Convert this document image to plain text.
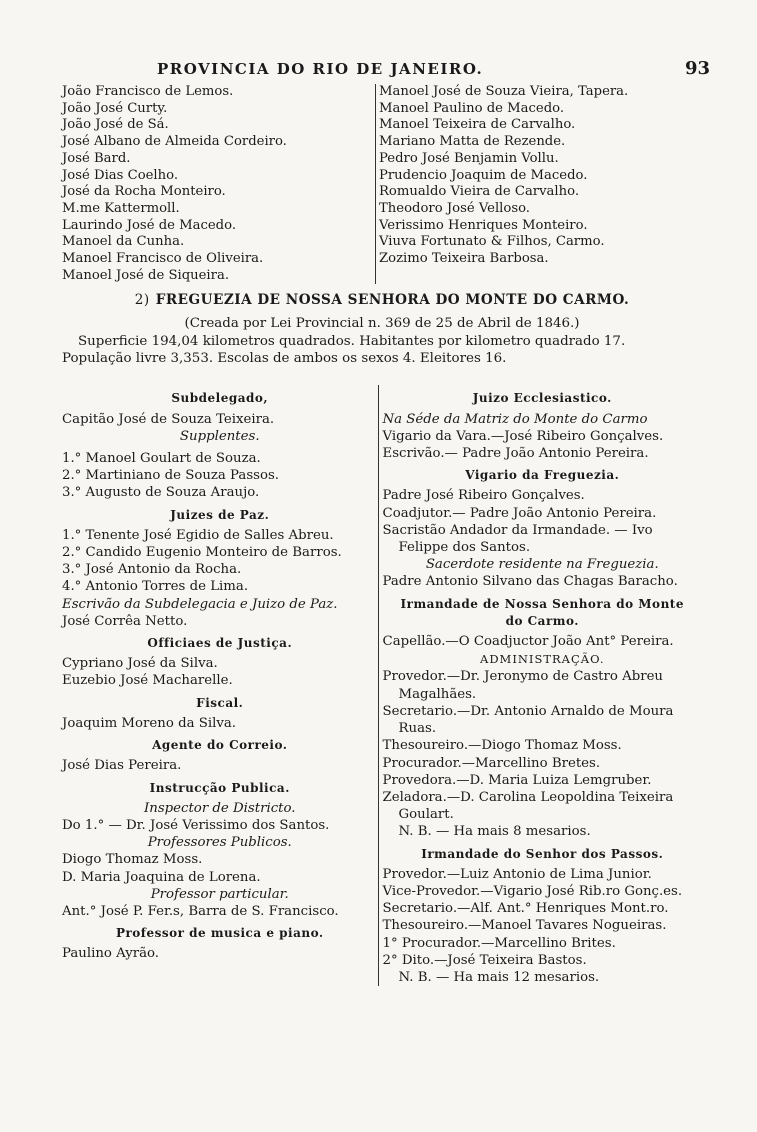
PROVINCIA DO RIO DE JANEIRO.	93
João Francisco de Lemos.
João José Curty.
João José de Sá.
José Albano de Almeida Cordeiro.
José Bard.
José Dias Coelho.
José da Rocha Monteiro.
M.me Kattermoll.
Laurindo José de Macedo.
Manoel da Cunha.
Manoel Francisco de Oliveira.
Manoel José de Siqueira.
Manoel José de Souza Vieira, Tapera.
Manoel Paulino de Macedo.
Manoel Teixeira de Carvalho.
Mariano Matta de Rezende.
Pedro José Benjamin Vollu.
Prudencio Joaquim de Macedo.
Romualdo Vieira de Carvalho.
Theodoro José Velloso.
Verissimo Henriques Monteiro.
Viuva Fortunato & Filhos, Carmo.
Zozimo Teixeira Barbosa.
2) FREGUEZIA DE NOSSA SENHORA DO MONTE DO CARMO.
(Creada por Lei Provincial n. 369 de 25 de Abril de 1846.)
Superficie 194,04 kilometros quadrados. Habitantes por kilometro quadrado 17.
População livre 3,353. Escolas de ambos os sexos 4. Eleitores 16.
Subdelegado,
Capitão José de Souza Teixeira.
Supplentes.
1.° Manoel Goulart de Souza.
2.° Martiniano de Souza Passos.
3.° Augusto de Souza Araujo.
Juizes de Paz.
1.° Tenente José Egidio de Salles Abreu.
2.° Candido Eugenio Monteiro de Barros.
3.° José Antonio da Rocha.
4.° Antonio Torres de Lima.
Escrivão da Subdelegacia e Juizo de Paz.
José Corrêa Netto.
Officiaes de Justiça.
Cypriano José da Silva.
Euzebio José Macharelle.
Fiscal.
Joaquim Moreno da Silva.
Agente do Correio.
José Dias Pereira.
Instrucção Publica.
Inspector de Districto.
Do 1.° — Dr. José Verissimo dos Santos.
Professores Publicos.
Diogo Thomaz Moss.
D. Maria Joaquina de Lorena.
Professor particular.
Ant.° José P. Fer.s, Barra de S. Francisco.
Professor de musica e piano.
Paulino Ayrão.
Juizo Ecclesiastico.
Na Séde da Matriz do Monte do Carmo
Vigario da Vara.—José Ribeiro Gonçalves.
Escrivão.— Padre João Antonio Pereira.
Vigario da Freguezia.
Padre José Ribeiro Gonçalves.
Coadjutor.— Padre João Antonio Pereira.
Sacristão Andador da Irmandade. — Ivo
Felippe dos Santos.
Sacerdote residente na Freguezia.
Padre Antonio Silvano das Chagas Baracho.
Irmandade de Nossa Senhora do Monte
do Carmo.
Capellão.—O Coadjuctor João Ant° Pereira.
ADMINISTRAÇÃO.
Provedor.—Dr. Jeronymo de Castro Abreu
Magalhães.
Secretario.—Dr. Antonio Arnaldo de Moura
Ruas.
Thesoureiro.—Diogo Thomaz Moss.
Procurador.—Marcellino Bretes.
Provedora.—D. Maria Luiza Lemgruber.
Zeladora.—D. Carolina Leopoldina Teixeira
Goulart.
N. B. — Ha mais 8 mesarios.
Irmandade do Senhor dos Passos.
Provedor.—Luiz Antonio de Lima Junior.
Vice-Provedor.—Vigario José Rib.ro Gonç.es.
Secretario.—Alf. Ant.° Henriques Mont.ro.
Thesoureiro.—Manoel Tavares Nogueiras.
1° Procurador.—Marcellino Brites.
2° Dito.—José Teixeira Bastos.
N. B. — Ha mais 12 mesarios.
